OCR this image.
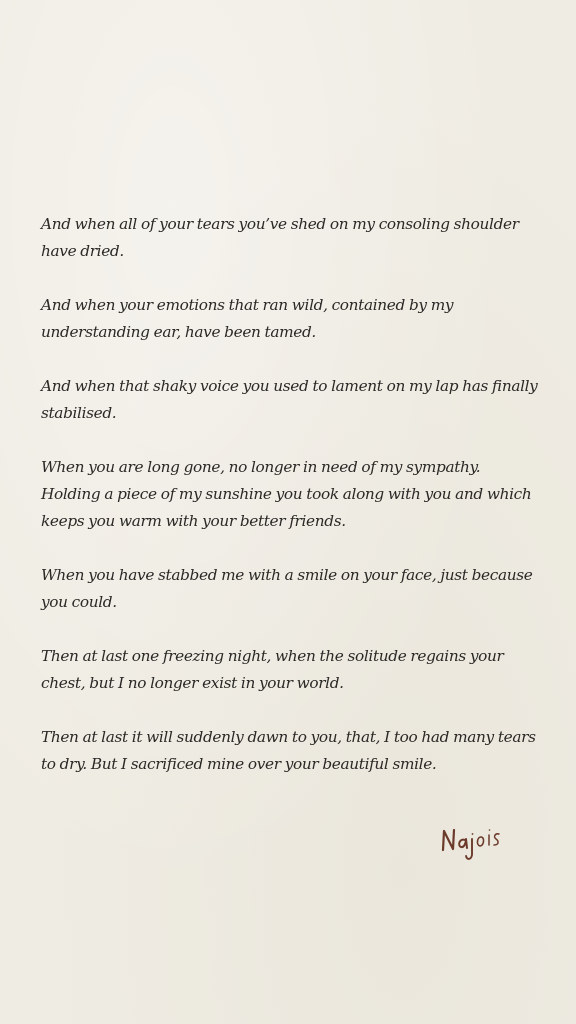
And when all of your tears you’ve shed on my consoling shoulder have dried.

And when your emotions that ran wild, contained by my understanding ear, have been tamed.

And when that shaky voice you used to lament on my lap has finally stabilised.

When you are long gone, no longer in need of my sympathy. Holding a piece of my sunshine you took along with you and which keeps you warm with your better friends.

When you have stabbed me with a smile on your face, just because you could.

Then at last one freezing night, when the solitude regains your chest, but I no longer exist in your world.

Then at last it will suddenly dawn to you, that, I too had many tears to dry. But I sacrificed mine over your beautiful smile.
